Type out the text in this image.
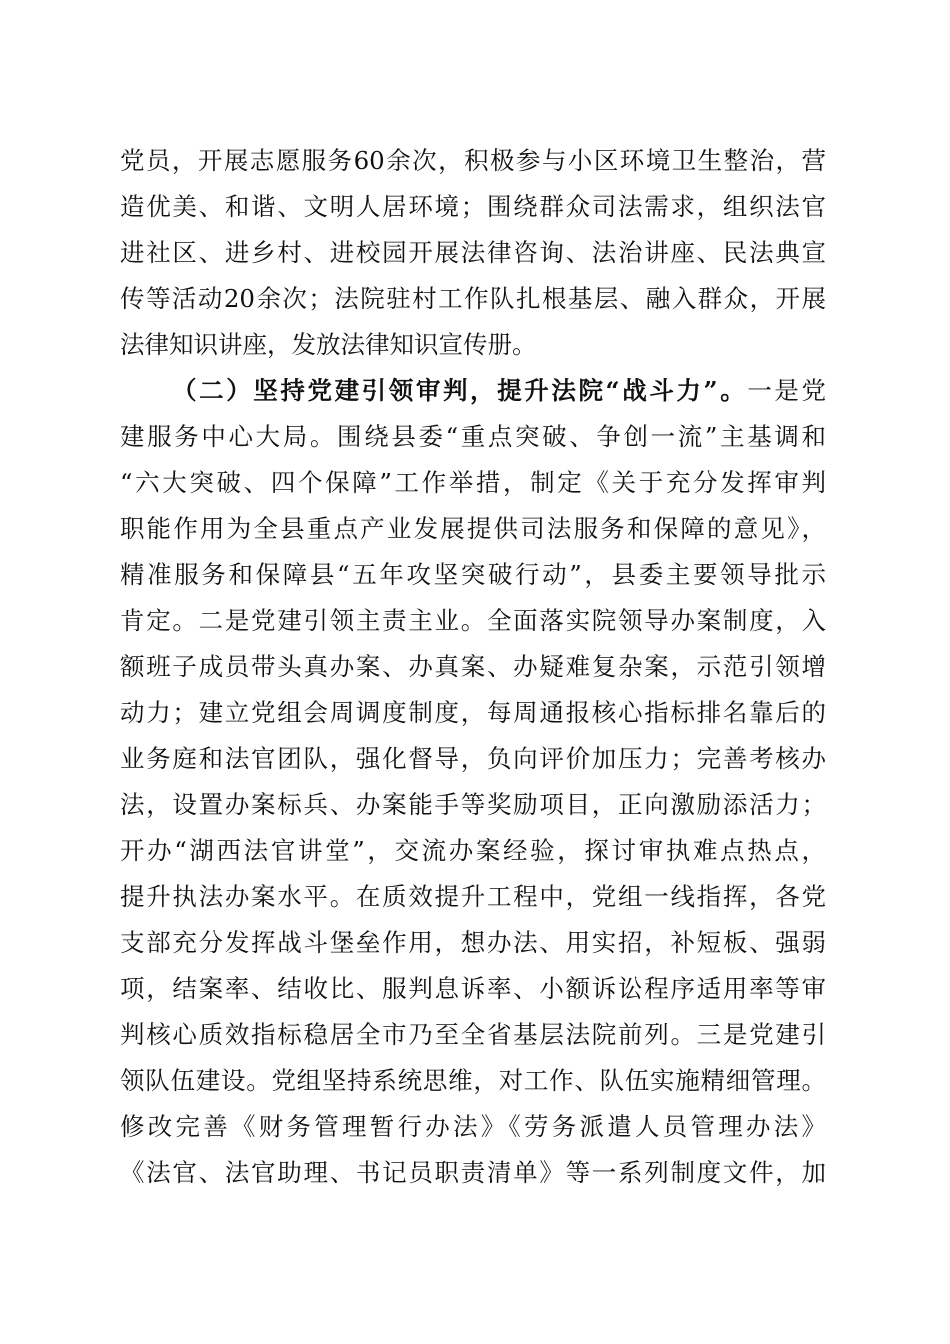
党员，开展志愿服务60余次，积极参与小区环境卫生整治，营
造优美、和谐、文明人居环境；围绕群众司法需求，组织法官
进社区、进乡村、进校园开展法律咨询、法治讲座、民法典宣
传等活动20余次；法院驻村工作队扎根基层、融入群众，开展
法律知识讲座，发放法律知识宣传册。
（二）坚持党建引领审判，提升法院“战斗力”。一是党
建服务中心大局。围绕县委“重点突破、争创一流”主基调和
“六大突破、四个保障”工作举措，制定《关于充分发挥审判
职能作用为全县重点产业发展提供司法服务和保障的意见》，
精准服务和保障县“五年攻坚突破行动”，县委主要领导批示
肯定。二是党建引领主责主业。全面落实院领导办案制度，入
额班子成员带头真办案、办真案、办疑难复杂案，示范引领增
动力；建立党组会周调度制度，每周通报核心指标排名靠后的
业务庭和法官团队，强化督导，负向评价加压力；完善考核办
法，设置办案标兵、办案能手等奖励项目，正向激励添活力；
开办“湖西法官讲堂”，交流办案经验，探讨审执难点热点，
提升执法办案水平。在质效提升工程中，党组一线指挥，各党
支部充分发挥战斗堡垒作用，想办法、用实招，补短板、强弱
项，结案率、结收比、服判息诉率、小额诉讼程序适用率等审
判核心质效指标稳居全市乃至全省基层法院前列。三是党建引
领队伍建设。党组坚持系统思维，对工作、队伍实施精细管理。
修改完善《财务管理暂行办法》《劳务派遣人员管理办法》
《法官、法官助理、书记员职责清单》等一系列制度文件，加
